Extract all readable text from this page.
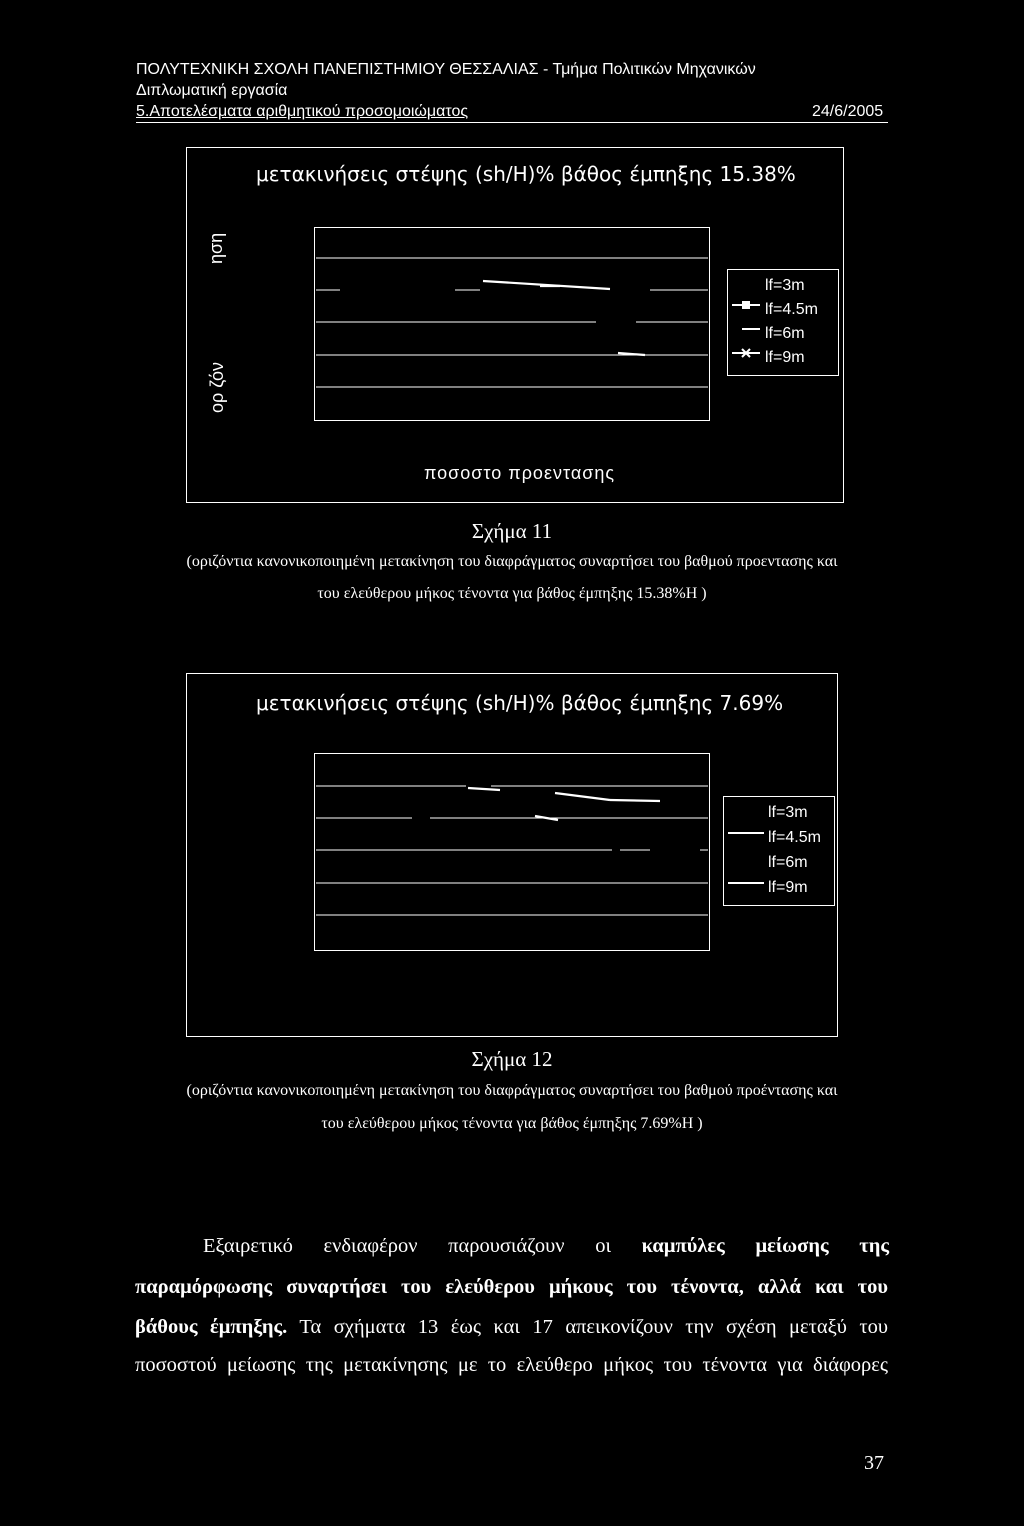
ΠΟΛΥΤΕΧΝΙΚΗ ΣΧΟΛΗ ΠΑΝΕΠΙΣΤΗΜΙΟΥ ΘΕΣΣΑΛΙΑΣ - Τμήμα Πολιτικών Μηχανικών
Διπλωματική εργασία
5.Αποτελέσματα αριθμητικού προσομοιώματος	24/6/2005
μετακινήσεις στέψης (sh/H)% βάθος έμπηξης 15.38%
ηση
ορ ζόν
lf=3m
lf=4.5m
lf=6m
lf=9m
ποσοστο προεντασης
Σχήμα 11
(οριζόντια κανονικοποιημένη μετακίνηση του διαφράγματος συναρτήσει του βαθμού προεντασης και
του ελεύθερου μήκος τένοντα για βάθος έμπηξης 15.38%H )
μετακινήσεις στέψης (sh/H)% βάθος έμπηξης 7.69%
lf=3m
lf=4.5m
lf=6m
lf=9m
Σχήμα 12
(οριζόντια κανονικοποιημένη μετακίνηση του διαφράγματος συναρτήσει του βαθμού προέντασης και
του ελεύθερου μήκος τένοντα για βάθος έμπηξης 7.69%H )
Εξαιρετικό ενδιαφέρον παρουσιάζουν οι καμπύλες μείωσης της
παραμόρφωσης συναρτήσει του ελεύθερου μήκους του τένοντα, αλλά και του
βάθους έμπηξης. Τα σχήματα 13 έως και 17 απεικονίζουν την σχέση μεταξύ του
ποσοστού μείωσης της μετακίνησης με το ελεύθερο μήκος του τένοντα για διάφορες
37
